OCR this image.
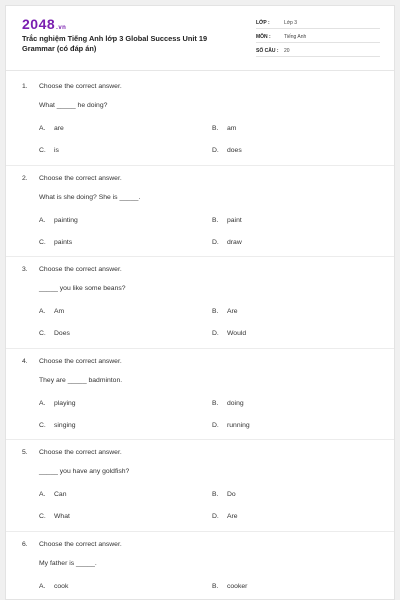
2048.vn
Trắc nghiệm Tiếng Anh lớp 3 Global Success Unit 19 Grammar (có đáp án)
LỚP :	Lớp 3
MÔN :	Tiếng Anh
SỐ CÂU : 20
1. Choose the correct answer.
What _____ he doing?
A. are	B. am
C. is	D. does
2. Choose the correct answer.
What is she doing? She is _____.
A. painting	B. paint
C. paints	D. draw
3. Choose the correct answer.
_____ you like some beans?
A. Am	B. Are
C. Does	D. Would
4. Choose the correct answer.
They are _____ badminton.
A. playing	B. doing
C. singing	D. running
5. Choose the correct answer.
_____ you have any goldfish?
A. Can	B. Do
C. What	D. Are
6. Choose the correct answer.
My father is _____.
A. cook	B. cooker
